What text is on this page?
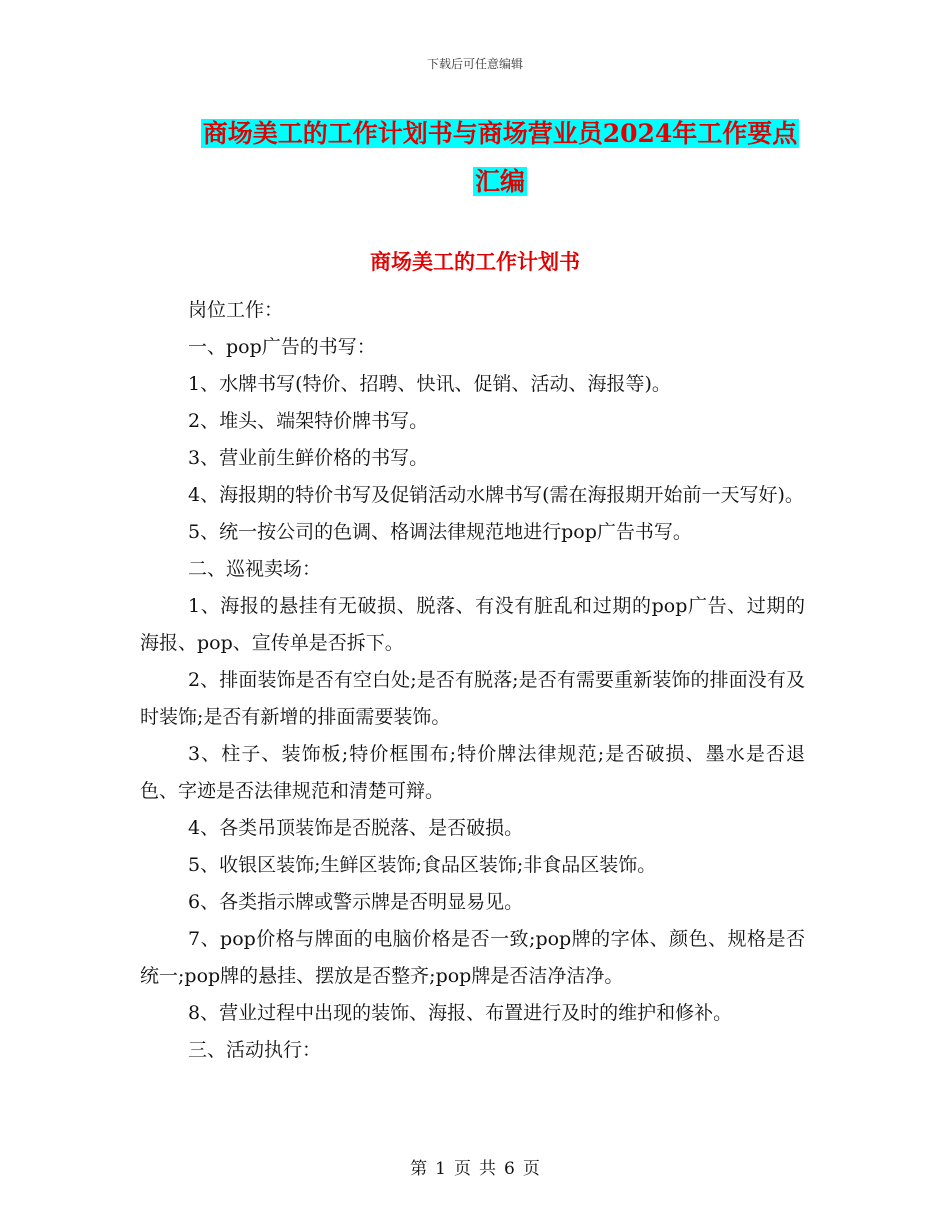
下载后可任意编辑
商场美工的工作计划书与商场营业员2024年工作要点
汇编
商场美工的工作计划书

岗位工作：

一、pop广告的书写：

1、水牌书写(特价、招聘、快讯、促销、活动、海报等)。

2、堆头、端架特价牌书写。

3、营业前生鲜价格的书写。

4、海报期的特价书写及促销活动水牌书写(需在海报期开始前一天写好)。

5、统一按公司的色调、格调法律规范地进行pop广告书写。

二、巡视卖场：

1、海报的悬挂有无破损、脱落、有没有脏乱和过期的pop广告、过期的海报、pop、宣传单是否拆下。

2、排面装饰是否有空白处;是否有脱落;是否有需要重新装饰的排面没有及时装饰;是否有新增的排面需要装饰。

3、柱子、装饰板;特价框围布;特价牌法律规范;是否破损、墨水是否退色、字迹是否法律规范和清楚可辩。

4、各类吊顶装饰是否脱落、是否破损。

5、收银区装饰;生鲜区装饰;食品区装饰;非食品区装饰。

6、各类指示牌或警示牌是否明显易见。

7、pop价格与牌面的电脑价格是否一致;pop牌的字体、颜色、规格是否统一;pop牌的悬挂、摆放是否整齐;pop牌是否洁净洁净。

8、营业过程中出现的装饰、海报、布置进行及时的维护和修补。

三、活动执行：

第 1 页 共 6 页
